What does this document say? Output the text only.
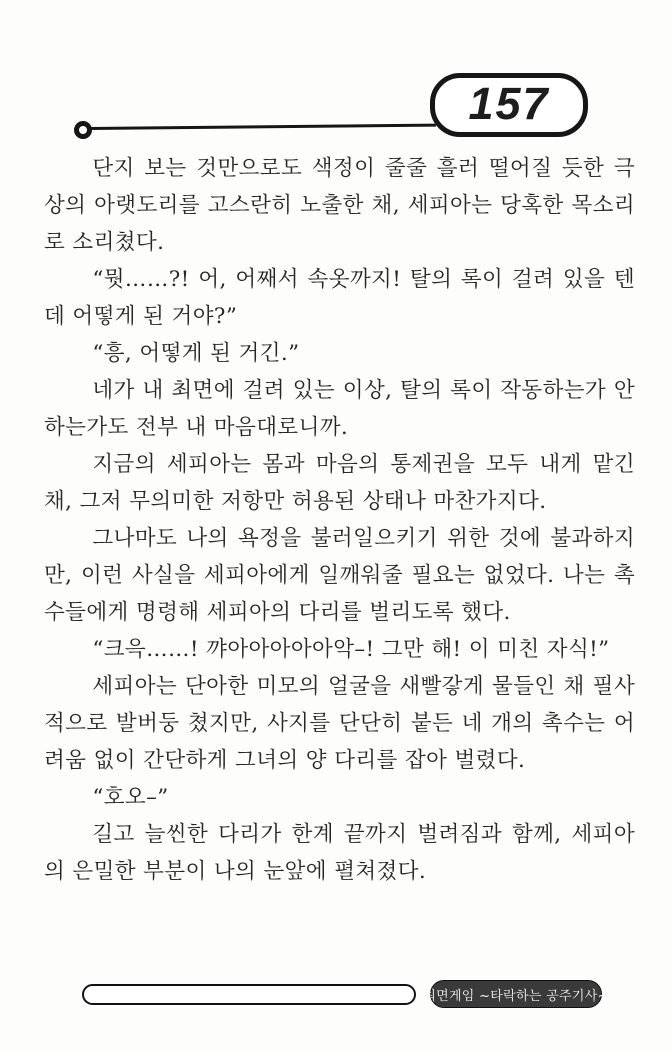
157

단지 보는 것만으로도 색정이 줄줄 흘러 떨어질 듯한 극상의 아랫도리를 고스란히 노출한 채, 세피아는 당혹한 목소리로 소리쳤다.

“뭣……?! 어, 어째서 속옷까지! 탈의 록이 걸려 있을 텐데 어떻게 된 거야?”

“흥, 어떻게 된 거긴.”

네가 내 최면에 걸려 있는 이상, 탈의 록이 작동하는가 안 하는가도 전부 내 마음대로니까.

지금의 세피아는 몸과 마음의 통제권을 모두 내게 맡긴 채, 그저 무의미한 저항만 허용된 상태나 마찬가지다.

그나마도 나의 욕정을 불러일으키기 위한 것에 불과하지만, 이런 사실을 세피아에게 일깨워줄 필요는 없었다. 나는 촉수들에게 명령해 세피아의 다리를 벌리도록 했다.

“크윽……! 꺄아아아아아악–! 그만 해! 이 미친 자식!”

세피아는 단아한 미모의 얼굴을 새빨갛게 물들인 채 필사적으로 발버둥 쳤지만, 사지를 단단히 붙든 네 개의 촉수는 어려움 없이 간단하게 그녀의 양 다리를 잡아 벌렸다.

“호오–”

길고 늘씬한 다리가 한계 끝까지 벌려짐과 함께, 세피아의 은밀한 부분이 나의 눈앞에 펼쳐졌다.

최면게임 ~타락하는 공주기사~
